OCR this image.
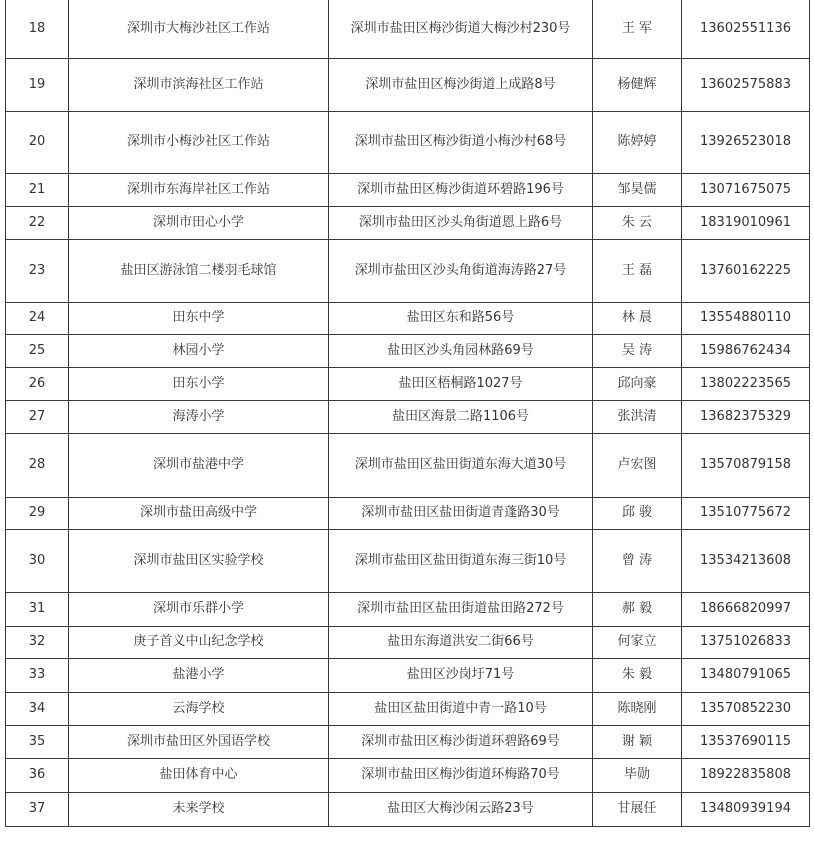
18	深圳市大梅沙社区工作站	深圳市盐田区梅沙街道大梅沙村230号	王 军	13602551136
19	深圳市滨海社区工作站	深圳市盐田区梅沙街道上成路8号	杨健辉	13602575883
20	深圳市小梅沙社区工作站	深圳市盐田区梅沙街道小梅沙村68号	陈婷婷	13926523018
21	深圳市东海岸社区工作站	深圳市盐田区梅沙街道环碧路196号	邹昊儒	13071675075
22	深圳市田心小学	深圳市盐田区沙头角街道恩上路6号	朱 云	18319010961
23	盐田区游泳馆二楼羽毛球馆	深圳市盐田区沙头角街道海涛路27号	王 磊	13760162225
24	田东中学	盐田区东和路56号	林 晨	13554880110
25	林园小学	盐田区沙头角园林路69号	吴 涛	15986762434
26	田东小学	盐田区梧桐路1027号	邱向豪	13802223565
27	海涛小学	盐田区海景二路1106号	张洪清	13682375329
28	深圳市盐港中学	深圳市盐田区盐田街道东海大道30号	卢宏图	13570879158
29	深圳市盐田高级中学	深圳市盐田区盐田街道青蓬路30号	邱 骏	13510775672
30	深圳市盐田区实验学校	深圳市盐田区盐田街道东海三街10号	曾 涛	13534213608
31	深圳市乐群小学	深圳市盐田区盐田街道盐田路272号	郝 毅	18666820997
32	庚子首义中山纪念学校	盐田东海道洪安二街66号	何家立	13751026833
33	盐港小学	盐田区沙岗圩71号	朱 毅	13480791065
34	云海学校	盐田区盐田街道中青一路10号	陈晓刚	13570852230
35	深圳市盐田区外国语学校	深圳市盐田区梅沙街道环碧路69号	谢 颖	13537690115
36	盐田体育中心	深圳市盐田区梅沙街道环梅路70号	毕勋	18922835808
37	未来学校	盐田区大梅沙闲云路23号	甘展任	13480939194
